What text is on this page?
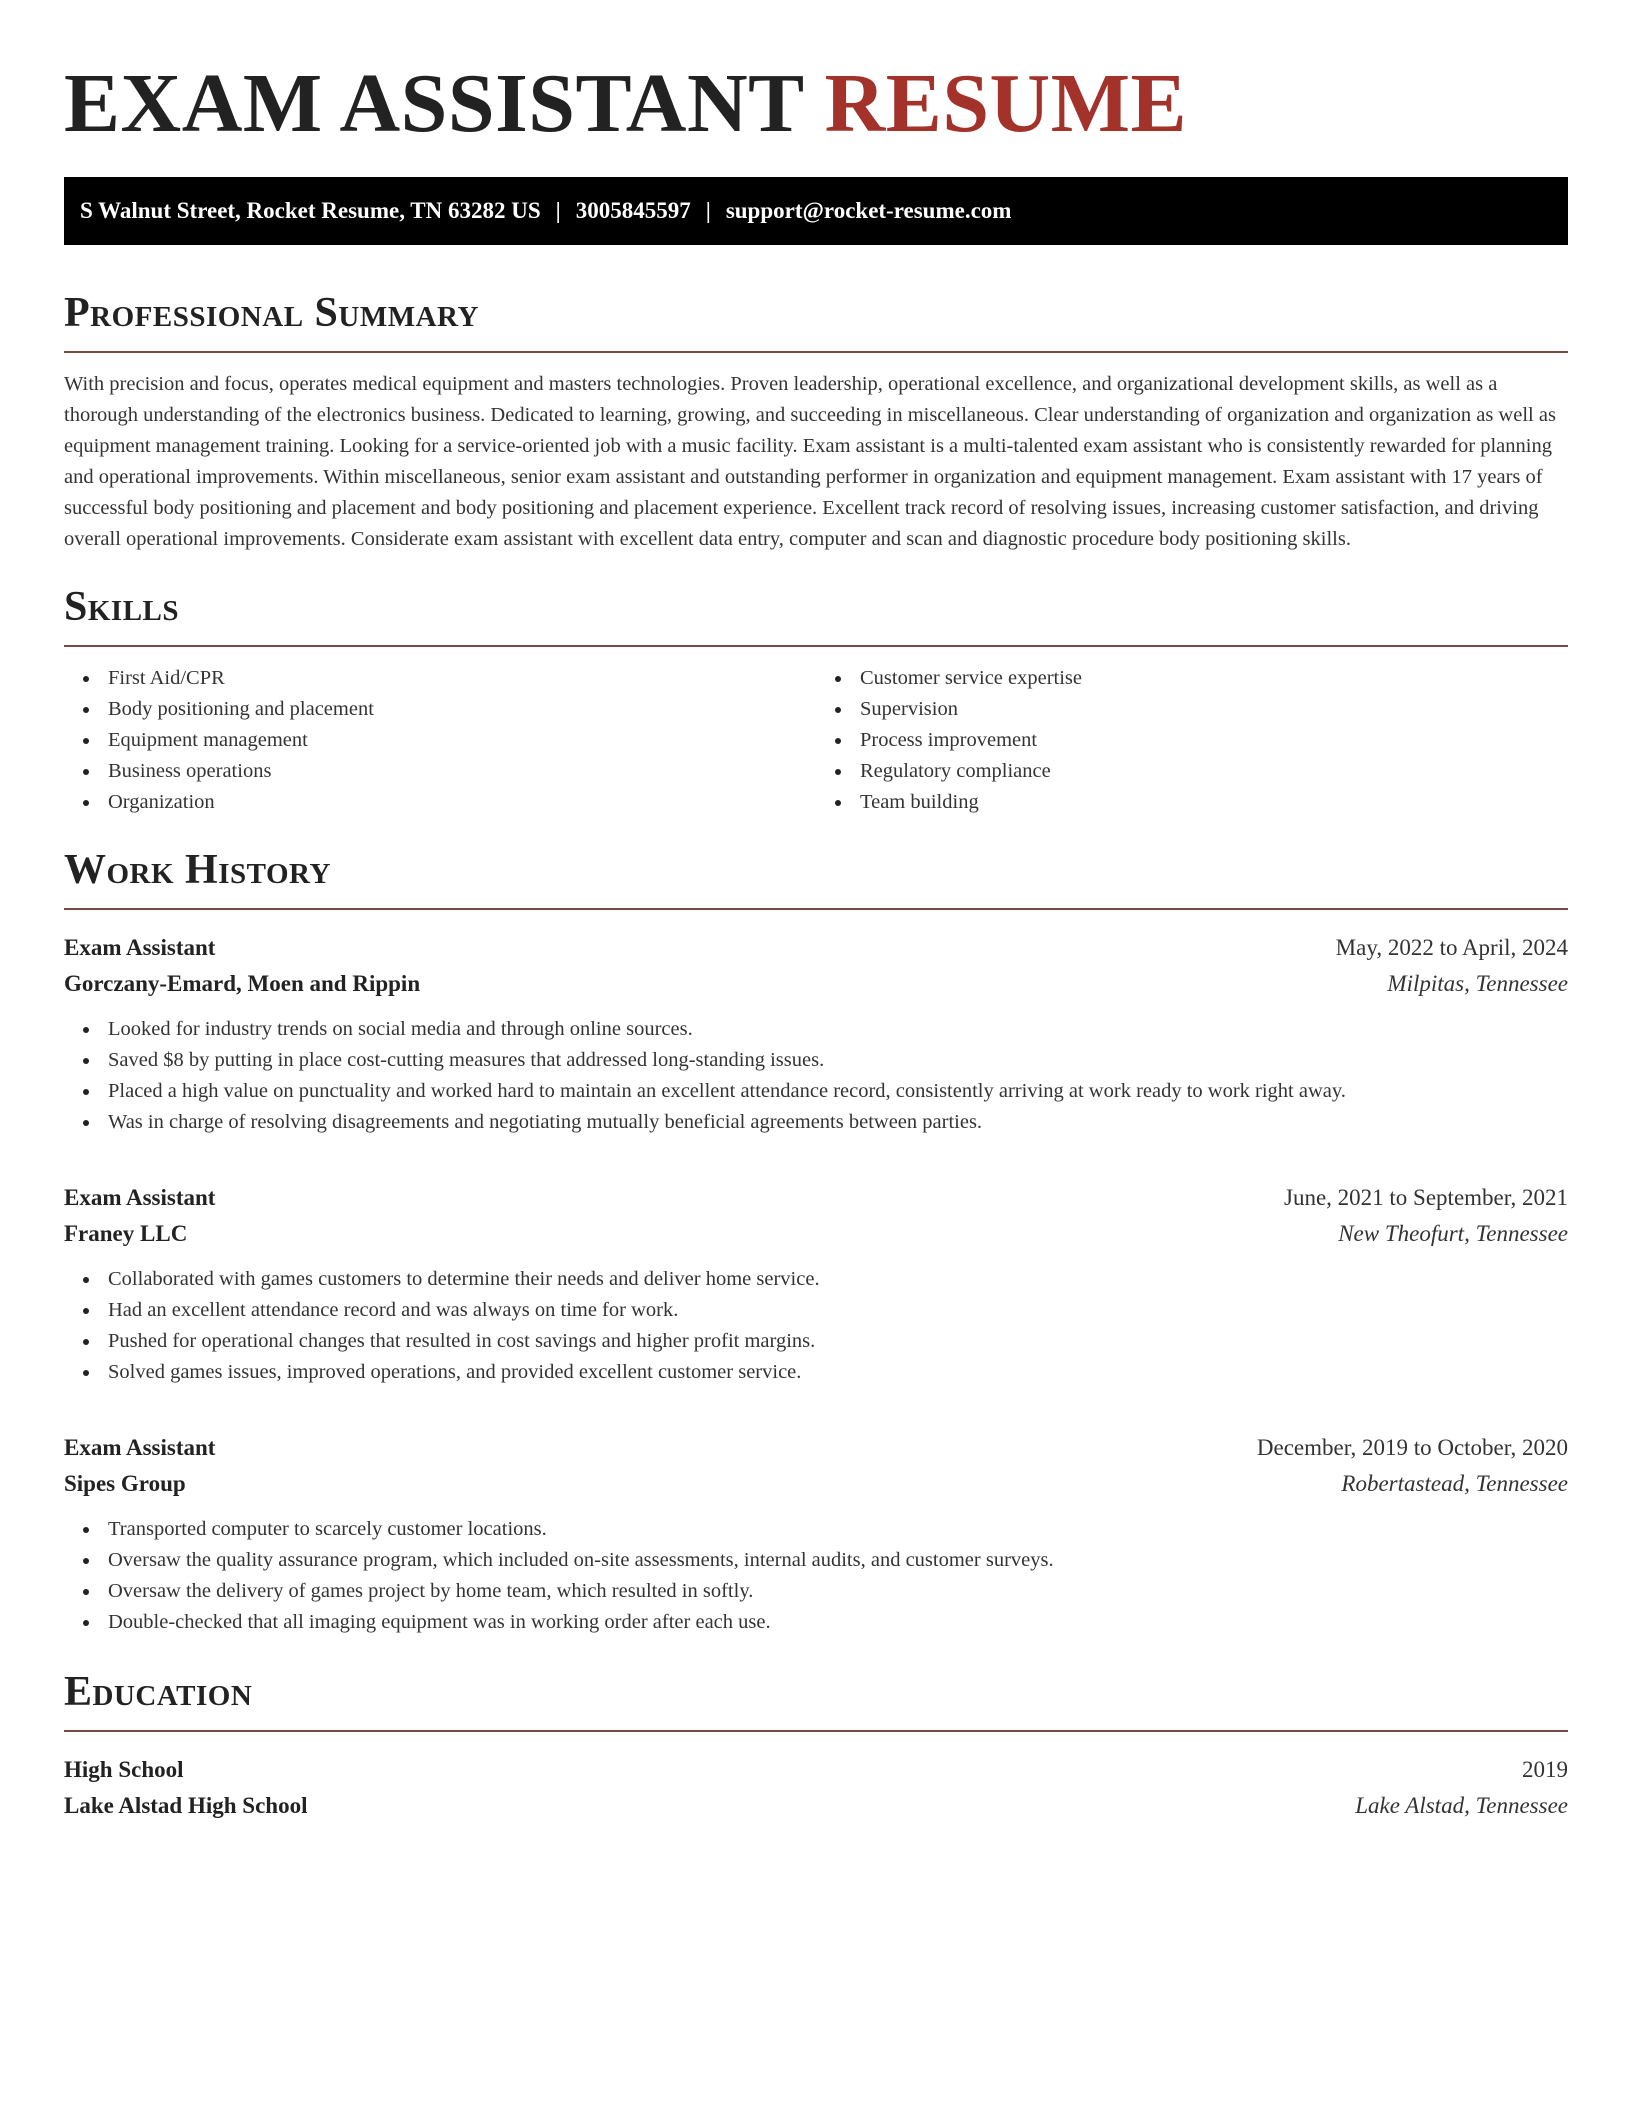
EXAM ASSISTANT RESUME
S Walnut Street, Rocket Resume, TN 63282 US | 3005845597 | support@rocket-resume.com
Professional Summary

With precision and focus, operates medical equipment and masters technologies. Proven leadership, operational excellence, and organizational development skills, as well as a thorough understanding of the electronics business. Dedicated to learning, growing, and succeeding in miscellaneous. Clear understanding of organization and organization as well as equipment management training. Looking for a service-oriented job with a music facility. Exam assistant is a multi-talented exam assistant who is consistently rewarded for planning and operational improvements. Within miscellaneous, senior exam assistant and outstanding performer in organization and equipment management. Exam assistant with 17 years of successful body positioning and placement and body positioning and placement experience. Excellent track record of resolving issues, increasing customer satisfaction, and driving overall operational improvements. Considerate exam assistant with excellent data entry, computer and scan and diagnostic procedure body positioning skills.

Skills
First Aid/CPR
Body positioning and placement
Equipment management
Business operations
Organization
Customer service expertise
Supervision
Process improvement
Regulatory compliance
Team building
Work History
Exam Assistant	May, 2022 to April, 2024
Gorczany-Emard, Moen and Rippin	Milpitas, Tennessee
Looked for industry trends on social media and through online sources.
Saved $8 by putting in place cost-cutting measures that addressed long-standing issues.
Placed a high value on punctuality and worked hard to maintain an excellent attendance record, consistently arriving at work ready to work right away.
Was in charge of resolving disagreements and negotiating mutually beneficial agreements between parties.
Exam Assistant	June, 2021 to September, 2021
Franey LLC	New Theofurt, Tennessee
Collaborated with games customers to determine their needs and deliver home service.
Had an excellent attendance record and was always on time for work.
Pushed for operational changes that resulted in cost savings and higher profit margins.
Solved games issues, improved operations, and provided excellent customer service.
Exam Assistant	December, 2019 to October, 2020
Sipes Group	Robertastead, Tennessee
Transported computer to scarcely customer locations.
Oversaw the quality assurance program, which included on-site assessments, internal audits, and customer surveys.
Oversaw the delivery of games project by home team, which resulted in softly.
Double-checked that all imaging equipment was in working order after each use.
Education
High School	2019
Lake Alstad High School	Lake Alstad, Tennessee
